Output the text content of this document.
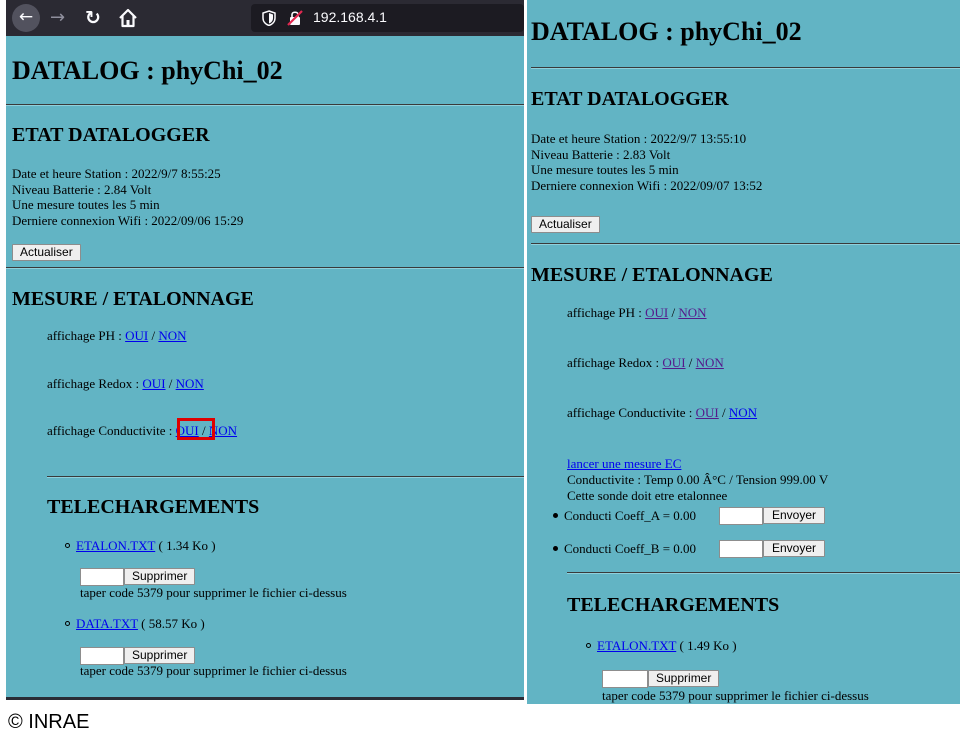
DATALOG : phyChi_02
ETAT DATALOGGER
Date et heure Station : 2022/9/7 8:55:25
Niveau Batterie : 2.84 Volt
Une mesure toutes les 5 min
Derniere connexion Wifi : 2022/09/06 15:29
Actualiser
MESURE / ETALONNAGE
affichage PH : OUI / NON
affichage Redox : OUI / NON
affichage Conductivite : OUI / NON
TELECHARGEMENTS
ETALON.TXT ( 1.34 Ko )
Supprimer
taper code 5379 pour supprimer le fichier ci-dessus
DATA.TXT ( 58.57 Ko )
Supprimer
taper code 5379 pour supprimer le fichier ci-dessus
← → ↻	192.168.4.1	DATALOG : phyChi_02
ETAT DATALOGGER
Date et heure Station : 2022/9/7 13:55:10
Niveau Batterie : 2.83 Volt
Une mesure toutes les 5 min
Derniere connexion Wifi : 2022/09/07 13:52
Actualiser
MESURE / ETALONNAGE
affichage PH : OUI / NON
affichage Redox : OUI / NON
affichage Conductivite : OUI / NON
lancer une mesure EC
Conductivite : Temp 0.00 Â°C / Tension 999.00 V
Cette sonde doit etre etalonnee
Conducti Coeff_A = 0.00	Envoyer
Conducti Coeff_B = 0.00	Envoyer
TELECHARGEMENTS
ETALON.TXT ( 1.49 Ko )
Supprimer
taper code 5379 pour supprimer le fichier ci-dessus
© INRAE
